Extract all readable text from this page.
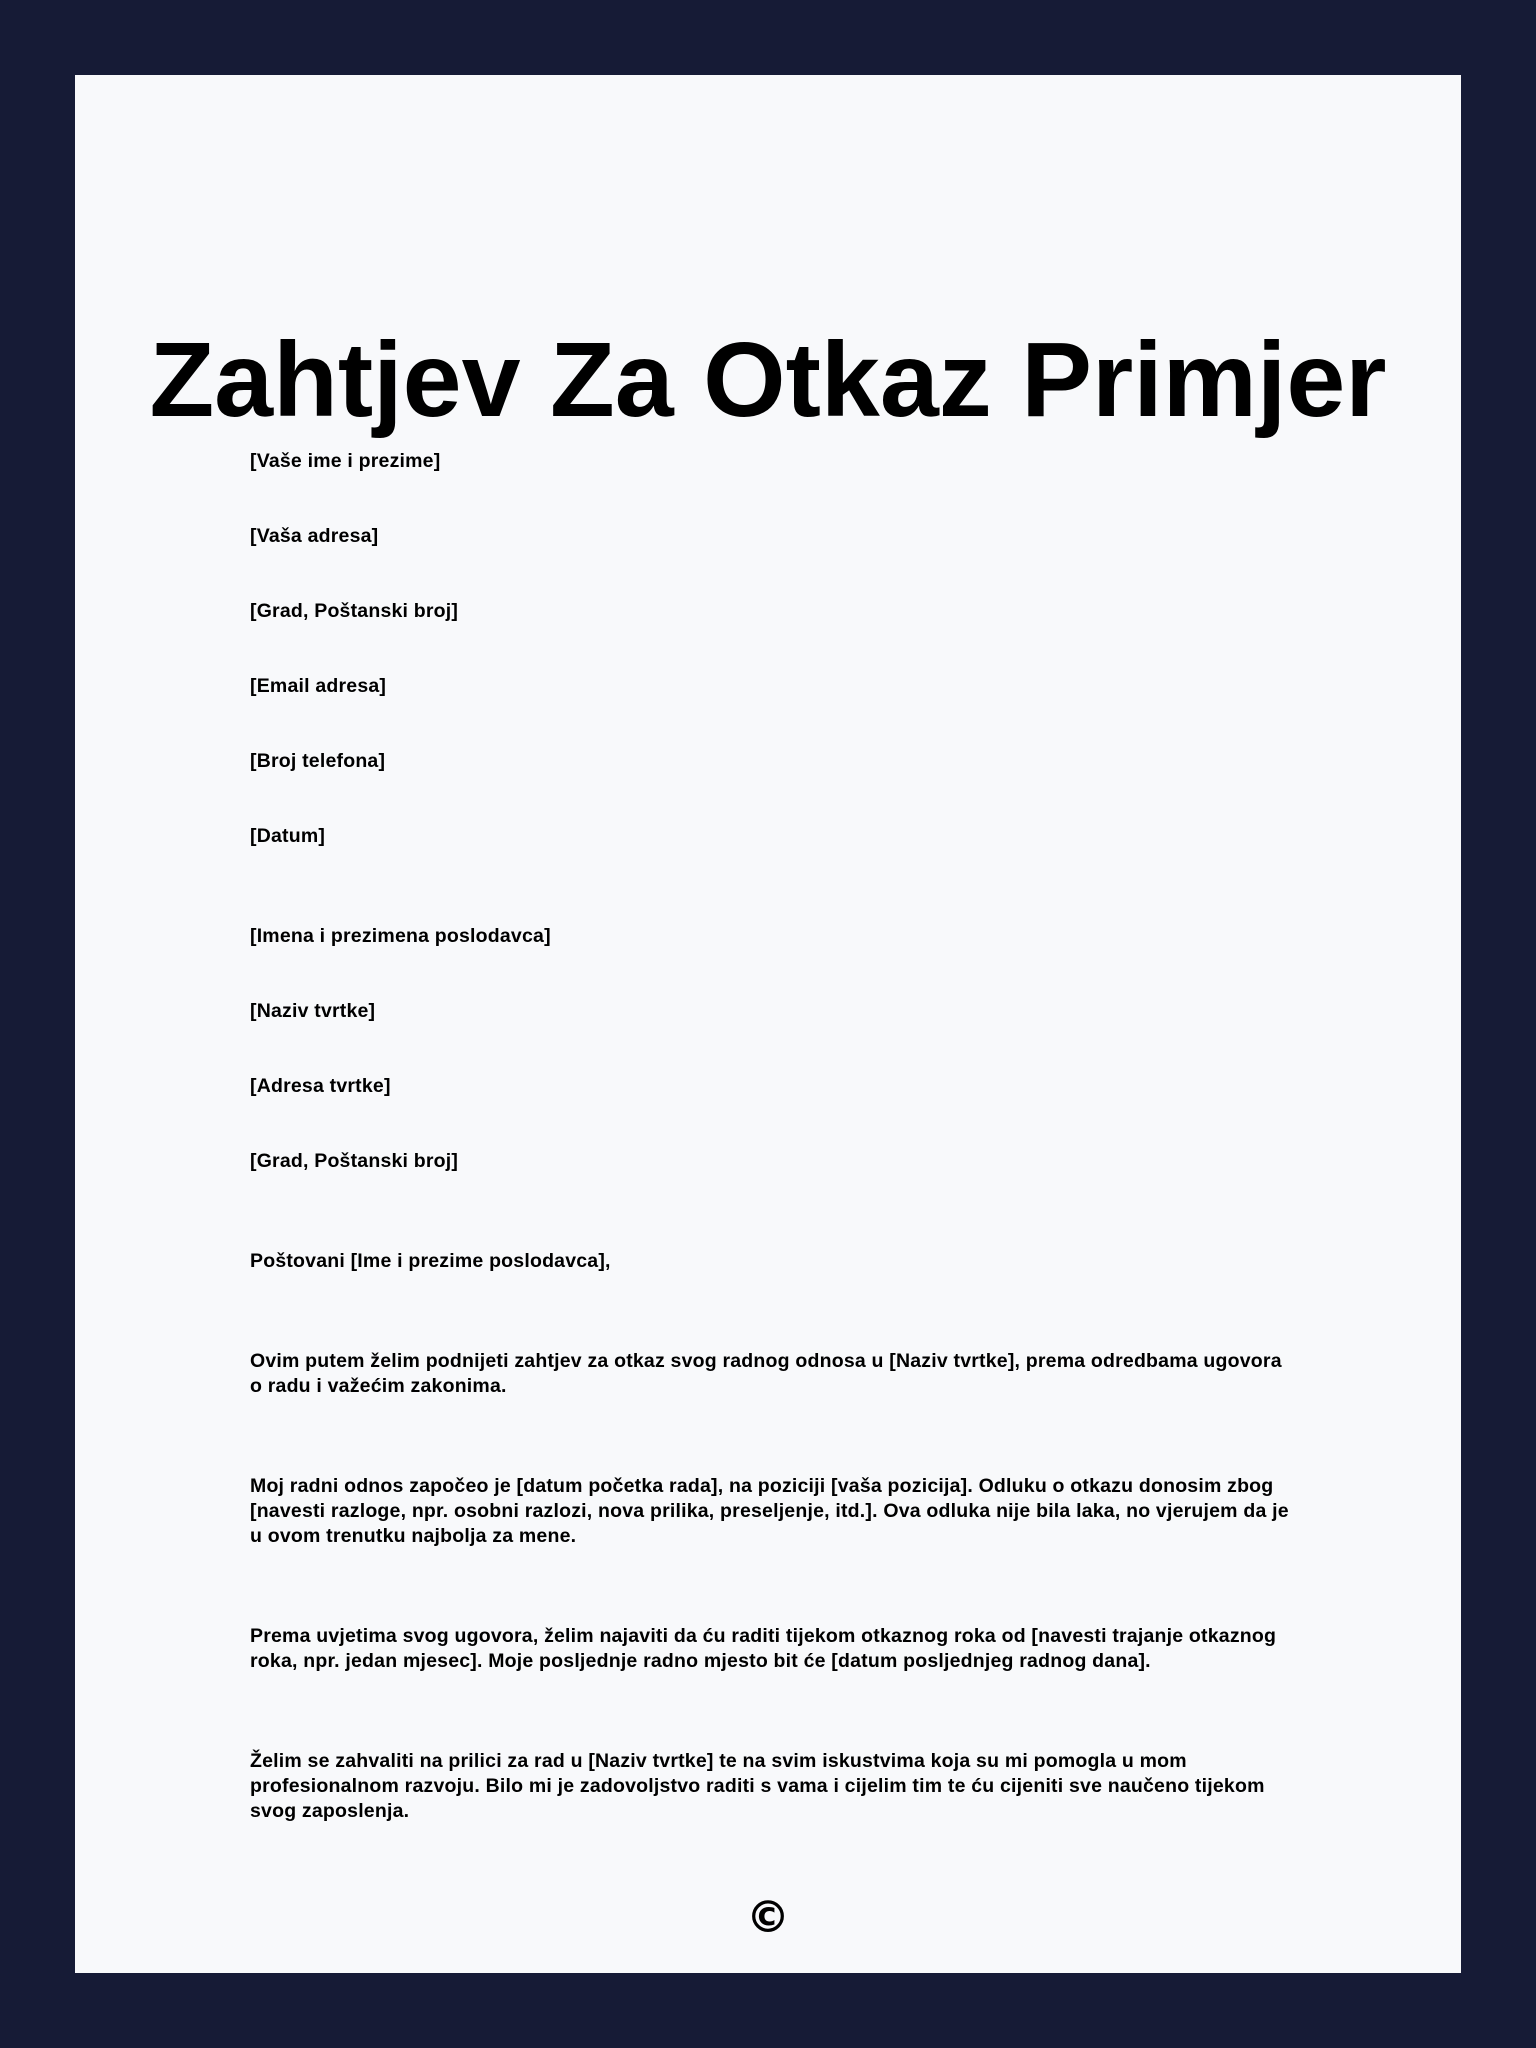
Zahtjev Za Otkaz Primjer

[Vaše ime i prezime]

[Vaša adresa]

[Grad, Poštanski broj]

[Email adresa]

[Broj telefona]

[Datum]

[Imena i prezimena poslodavca]

[Naziv tvrtke]

[Adresa tvrtke]

[Grad, Poštanski broj]

Poštovani [Ime i prezime poslodavca],

Ovim putem želim podnijeti zahtjev za otkaz svog radnog odnosa u [Naziv tvrtke], prema odredbama ugovora o radu i važećim zakonima.

Moj radni odnos započeo je [datum početka rada], na poziciji [vaša pozicija]. Odluku o otkazu donosim zbog [navesti razloge, npr. osobni razlozi, nova prilika, preseljenje, itd.]. Ova odluka nije bila laka, no vjerujem da je u ovom trenutku najbolja za mene.

Prema uvjetima svog ugovora, želim najaviti da ću raditi tijekom otkaznog roka od [navesti trajanje otkaznog roka, npr. jedan mjesec]. Moje posljednje radno mjesto bit će [datum posljednjeg radnog dana].

Želim se zahvaliti na prilici za rad u [Naziv tvrtke] te na svim iskustvima koja su mi pomogla u mom profesionalnom razvoju. Bilo mi je zadovoljstvo raditi s vama i cijelim tim te ću cijeniti sve naučeno tijekom svog zaposlenja.

©
